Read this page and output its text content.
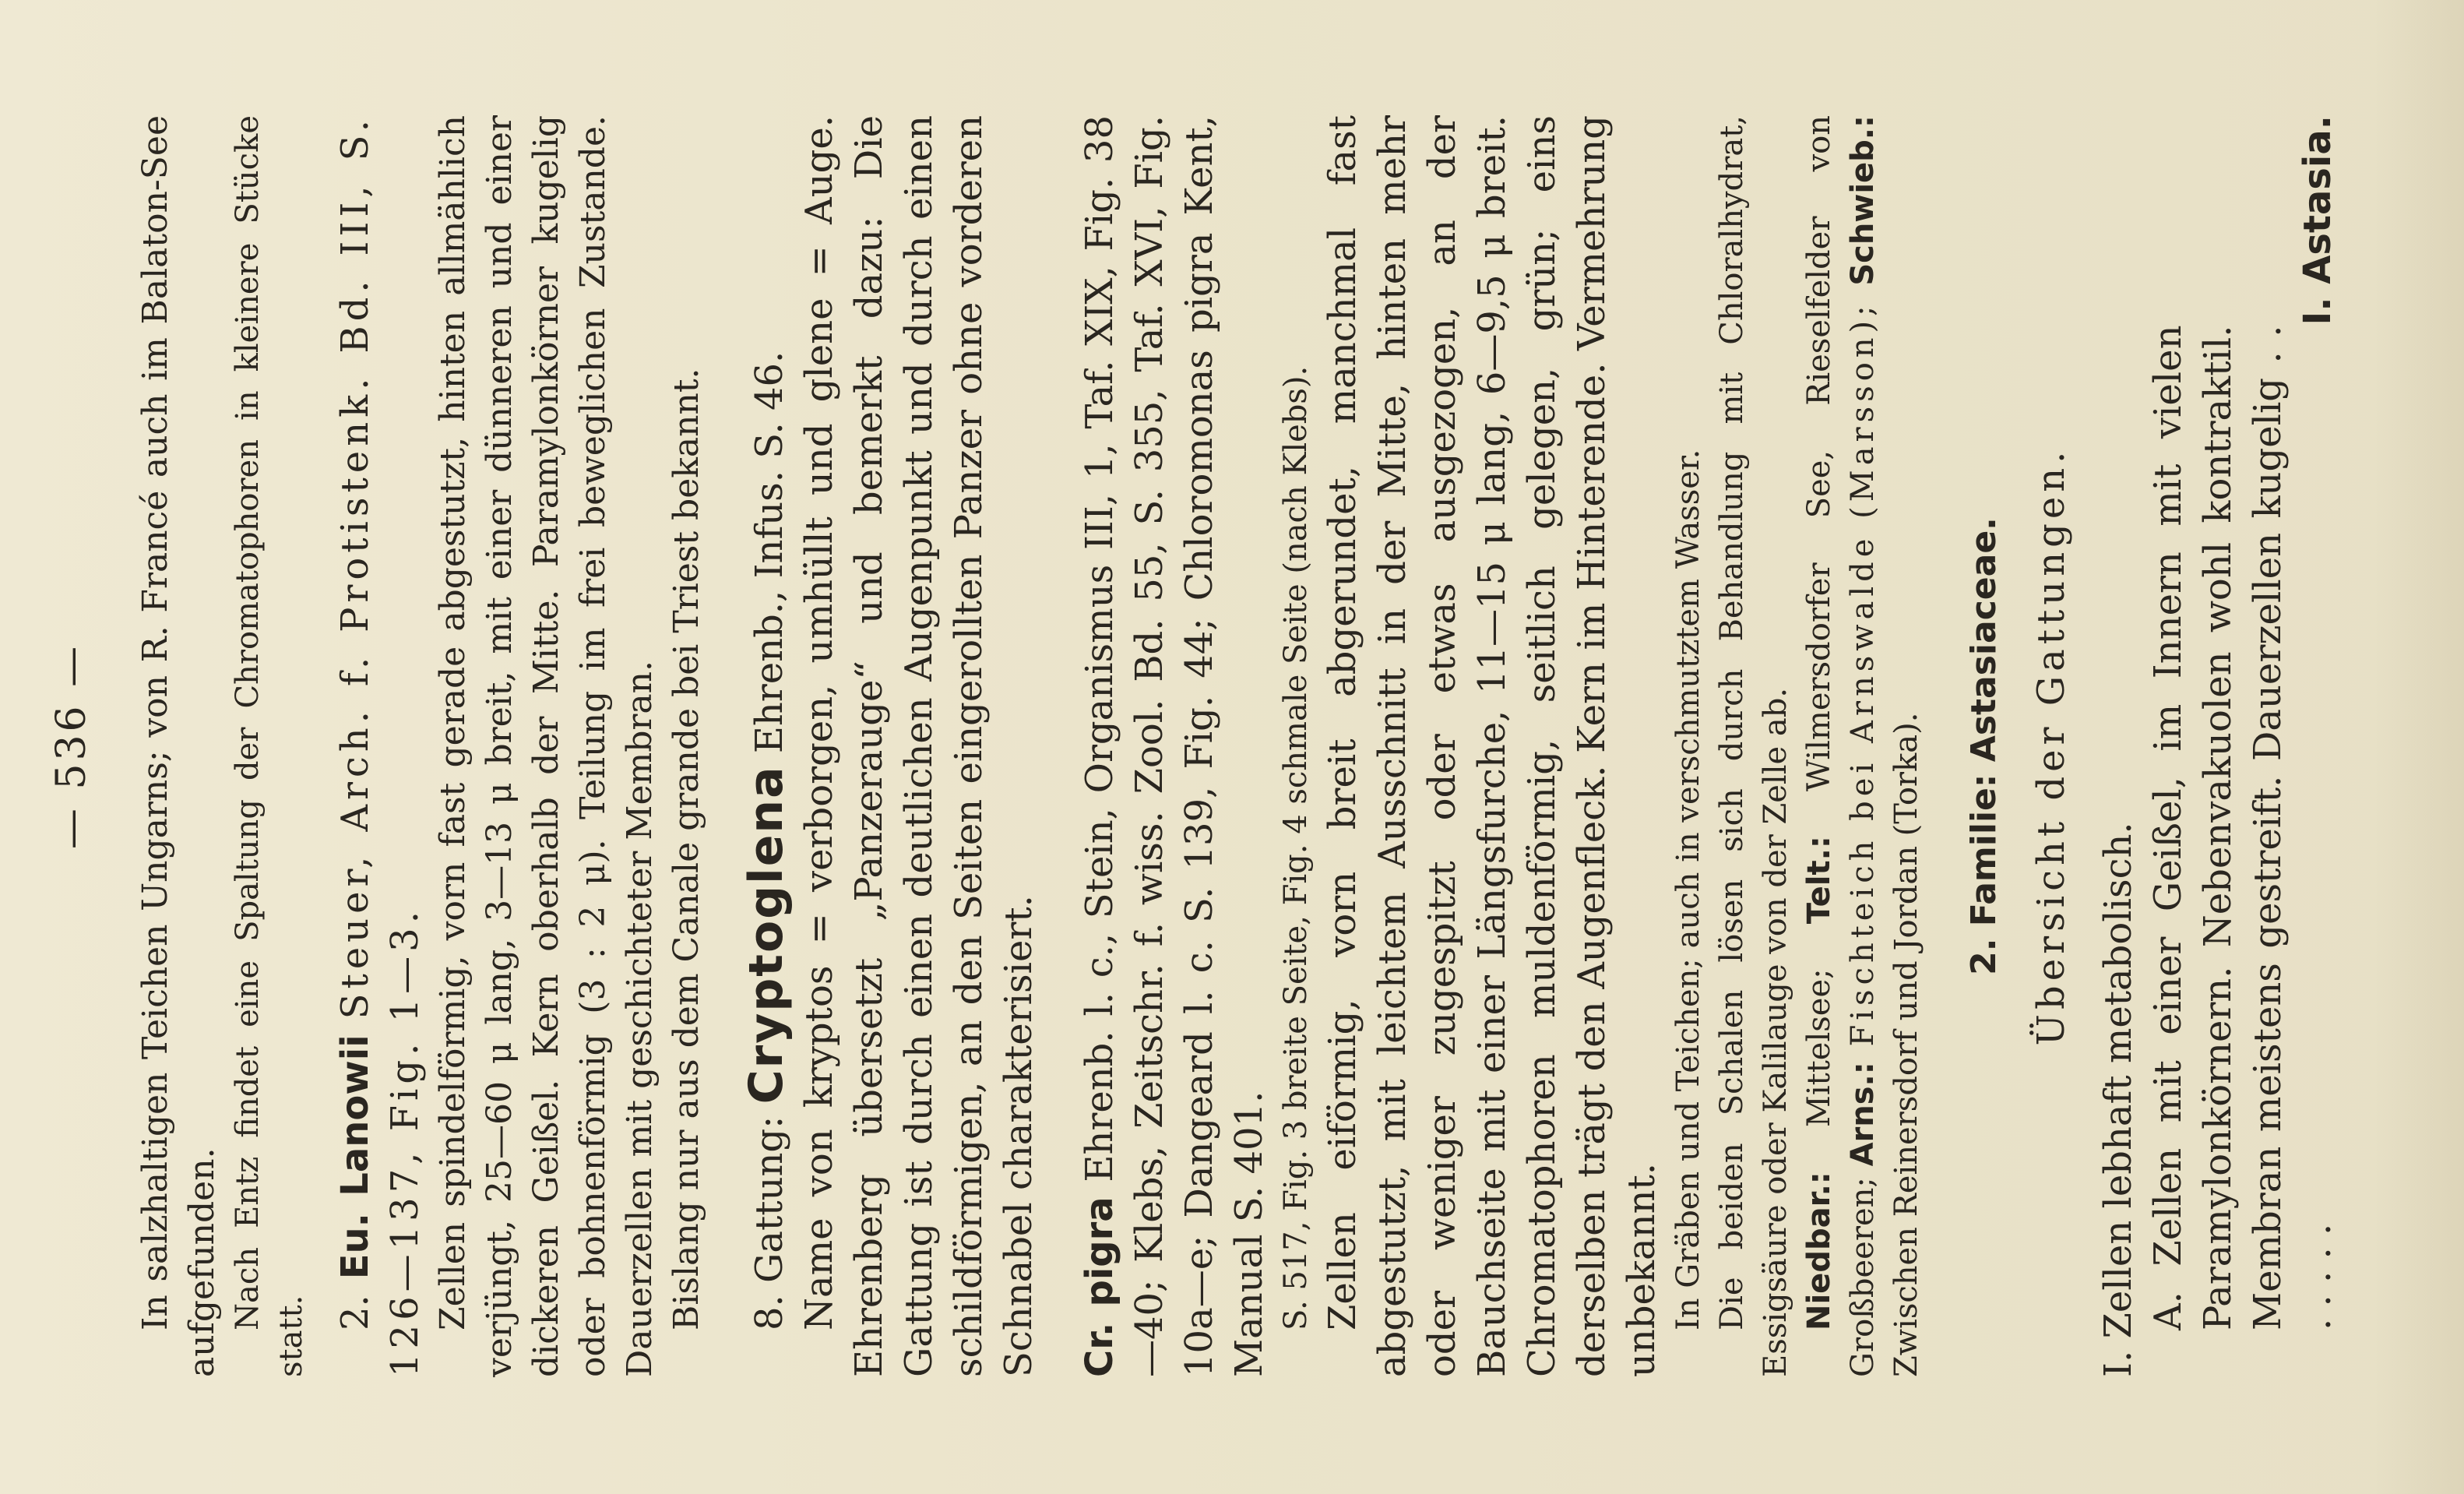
— 536 — In salzhaltigen Teichen Ungarns; von R. Francé auch im Balaton-See aufgefunden. Nach Entz findet eine Spaltung der Chromatophoren in kleinere Stücke statt. 2. Eu. Lanowii Steuer, Arch. f. Protistenk. Bd. III, S. 126—137, Fig. 1—3. Zellen spindelförmig, vorn fast gerade abgestutzt, hinten allmählich verjüngt, 25—60 μ lang, 3—13 μ breit, mit einer dünneren und einer dickeren Geißel. Kern oberhalb der Mitte. Paramylonkörner kugelig oder bohnenförmig (3 : 2 μ). Teilung im frei beweglichen Zustande. Dauerzellen mit geschichteter Membran. Bislang nur aus dem Canale grande bei Triest bekannt. 8. Gattung: Cryptoglena Ehrenb., Infus. S. 46. Name von kryptos = verborgen, umhüllt und glene = Auge. Ehrenberg übersetzt „Panzerauge“ und bemerkt dazu: Die Gattung ist durch einen deutlichen Augenpunkt und durch einen schildförmigen, an den Seiten eingerollten Panzer ohne vorderen Schnabel charakterisiert. Cr. pigra Ehrenb. l. c., Stein, Organismus III, 1, Taf. XIX, Fig. 38—40; Klebs, Zeitschr. f. wiss. Zool. Bd. 55, S. 355, Taf. XVI, Fig. 10a—e; Dangeard l. c. S. 139, Fig. 44; Chloromonas pigra Kent, Manual S. 401. S. 517, Fig. 3 breite Seite, Fig. 4 schmale Seite (nach Klebs). Zellen eiförmig, vorn breit abgerundet, manchmal fast abgestutzt, mit leichtem Ausschnitt in der Mitte, hinten mehr oder weniger zugespitzt oder etwas ausgezogen, an der Bauchseite mit einer Längsfurche, 11—15 μ lang, 6—9,5 μ breit. Chromatophoren muldenförmig, seitlich gelegen, grün; eins derselben trägt den Augenfleck. Kern im Hinterende. Vermehrung unbekannt. In Gräben und Teichen; auch in verschmutztem Wasser. Die beiden Schalen lösen sich durch Behandlung mit Chloralhydrat, Essigsäure oder Kalilauge von der Zelle ab. Niedbar.: Mittelsee; Telt.: Wilmersdorfer See, Rieselfelder von Großbeeren; Arns.: Fischteich bei Arnswalde (Marsson); Schwieb.: Zwischen Reinersdorf und Jordan (Torka). 2. Familie: Astasiaceae. Übersicht der Gattungen.

I. Zellen lebhaft metabolisch. A. Zellen mit einer Geißel, im Innern mit vielen Paramylonkörnern. Nebenvakuolen wohl kontraktil. Membran meistens gestreift. Dauerzellen kugelig . . . . . . .
I. Astasia.
